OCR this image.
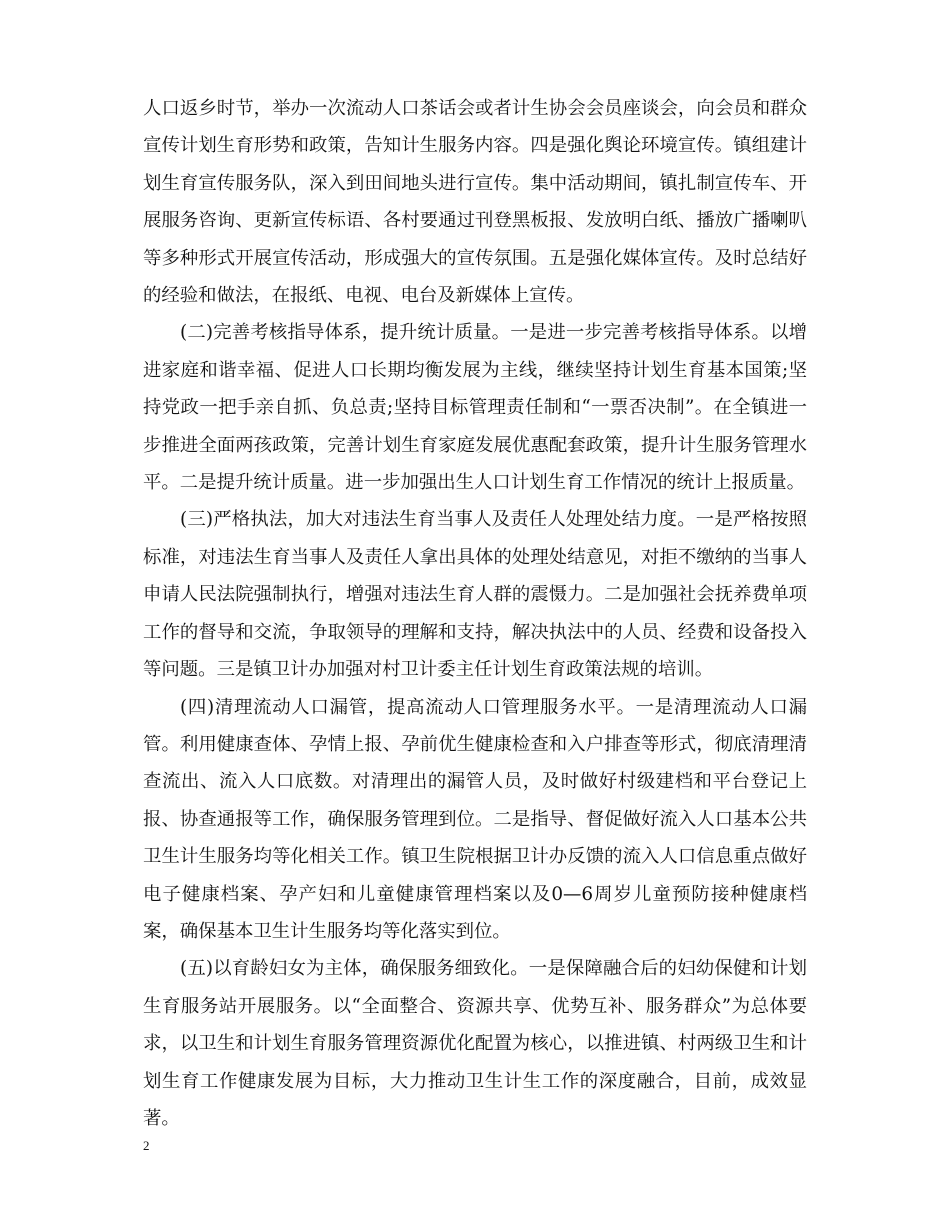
人口返乡时节，举办一次流动人口茶话会或者计生协会会员座谈会，向会员和群众宣传计划生育形势和政策，告知计生服务内容。四是强化舆论环境宣传。镇组建计划生育宣传服务队，深入到田间地头进行宣传。集中活动期间，镇扎制宣传车、开展服务咨询、更新宣传标语、各村要通过刊登黑板报、发放明白纸、播放广播喇叭等多种形式开展宣传活动，形成强大的宣传氛围。五是强化媒体宣传。及时总结好的经验和做法，在报纸、电视、电台及新媒体上宣传。

(二)完善考核指导体系，提升统计质量。一是进一步完善考核指导体系。以增进家庭和谐幸福、促进人口长期均衡发展为主线，继续坚持计划生育基本国策;坚持党政一把手亲自抓、负总责;坚持目标管理责任制和“一票否决制”。在全镇进一步推进全面两孩政策，完善计划生育家庭发展优惠配套政策，提升计生服务管理水平。二是提升统计质量。进一步加强出生人口计划生育工作情况的统计上报质量。

(三)严格执法，加大对违法生育当事人及责任人处理处结力度。一是严格按照标准，对违法生育当事人及责任人拿出具体的处理处结意见，对拒不缴纳的当事人申请人民法院强制执行，增强对违法生育人群的震慑力。二是加强社会抚养费单项工作的督导和交流，争取领导的理解和支持，解决执法中的人员、经费和设备投入等问题。三是镇卫计办加强对村卫计委主任计划生育政策法规的培训。

(四)清理流动人口漏管，提高流动人口管理服务水平。一是清理流动人口漏管。利用健康查体、孕情上报、孕前优生健康检查和入户排查等形式，彻底清理清查流出、流入人口底数。对清理出的漏管人员，及时做好村级建档和平台登记上报、协查通报等工作，确保服务管理到位。二是指导、督促做好流入人口基本公共卫生计生服务均等化相关工作。镇卫生院根据卫计办反馈的流入人口信息重点做好电子健康档案、孕产妇和儿童健康管理档案以及0—6周岁儿童预防接种健康档案，确保基本卫生计生服务均等化落实到位。

(五)以育龄妇女为主体，确保服务细致化。一是保障融合后的妇幼保健和计划生育服务站开展服务。以“全面整合、资源共享、优势互补、服务群众”为总体要求，以卫生和计划生育服务管理资源优化配置为核心，以推进镇、村两级卫生和计划生育工作健康发展为目标，大力推动卫生计生工作的深度融合，目前，成效显著。

2
